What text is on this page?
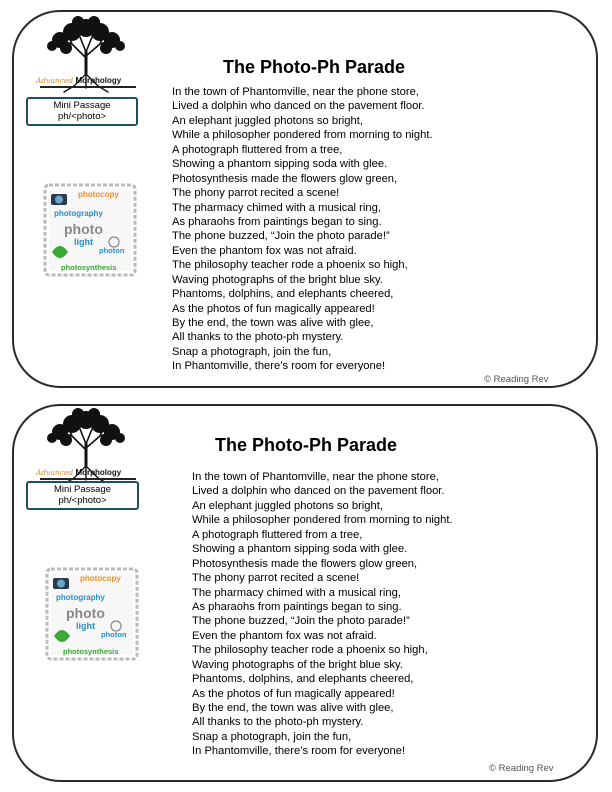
Advanced Morphology
Mini Passage
ph/<photo>
photocopy
photography
photo
light
photon
photosynthesis
The Photo-Ph Parade
In the town of Phantomville, near the phone store,
Lived a dolphin who danced on the pavement floor.
An elephant juggled photons so bright,
While a philosopher pondered from morning to night.
A photograph fluttered from a tree,
Showing a phantom sipping soda with glee.
Photosynthesis made the flowers glow green,
The phony parrot recited a scene!
The pharmacy chimed with a musical ring,
As pharaohs from paintings began to sing.
The phone buzzed, “Join the photo parade!”
Even the phantom fox was not afraid.
The philosophy teacher rode a phoenix so high,
Waving photographs of the bright blue sky.
Phantoms, dolphins, and elephants cheered,
As the photos of fun magically appeared!
By the end, the town was alive with glee,
All thanks to the photo-ph mystery.
Snap a photograph, join the fun,
In Phantomville, there’s room for everyone!
© Reading Rev
Advanced Morphology
Mini Passage
ph/<photo>
photocopy
photography
photo
light
photon
photosynthesis
The Photo-Ph Parade
In the town of Phantomville, near the phone store,
Lived a dolphin who danced on the pavement floor.
An elephant juggled photons so bright,
While a philosopher pondered from morning to night.
A photograph fluttered from a tree,
Showing a phantom sipping soda with glee.
Photosynthesis made the flowers glow green,
The phony parrot recited a scene!
The pharmacy chimed with a musical ring,
As pharaohs from paintings began to sing.
The phone buzzed, “Join the photo parade!”
Even the phantom fox was not afraid.
The philosophy teacher rode a phoenix so high,
Waving photographs of the bright blue sky.
Phantoms, dolphins, and elephants cheered,
As the photos of fun magically appeared!
By the end, the town was alive with glee,
All thanks to the photo-ph mystery.
Snap a photograph, join the fun,
In Phantomville, there’s room for everyone!
© Reading Rev
